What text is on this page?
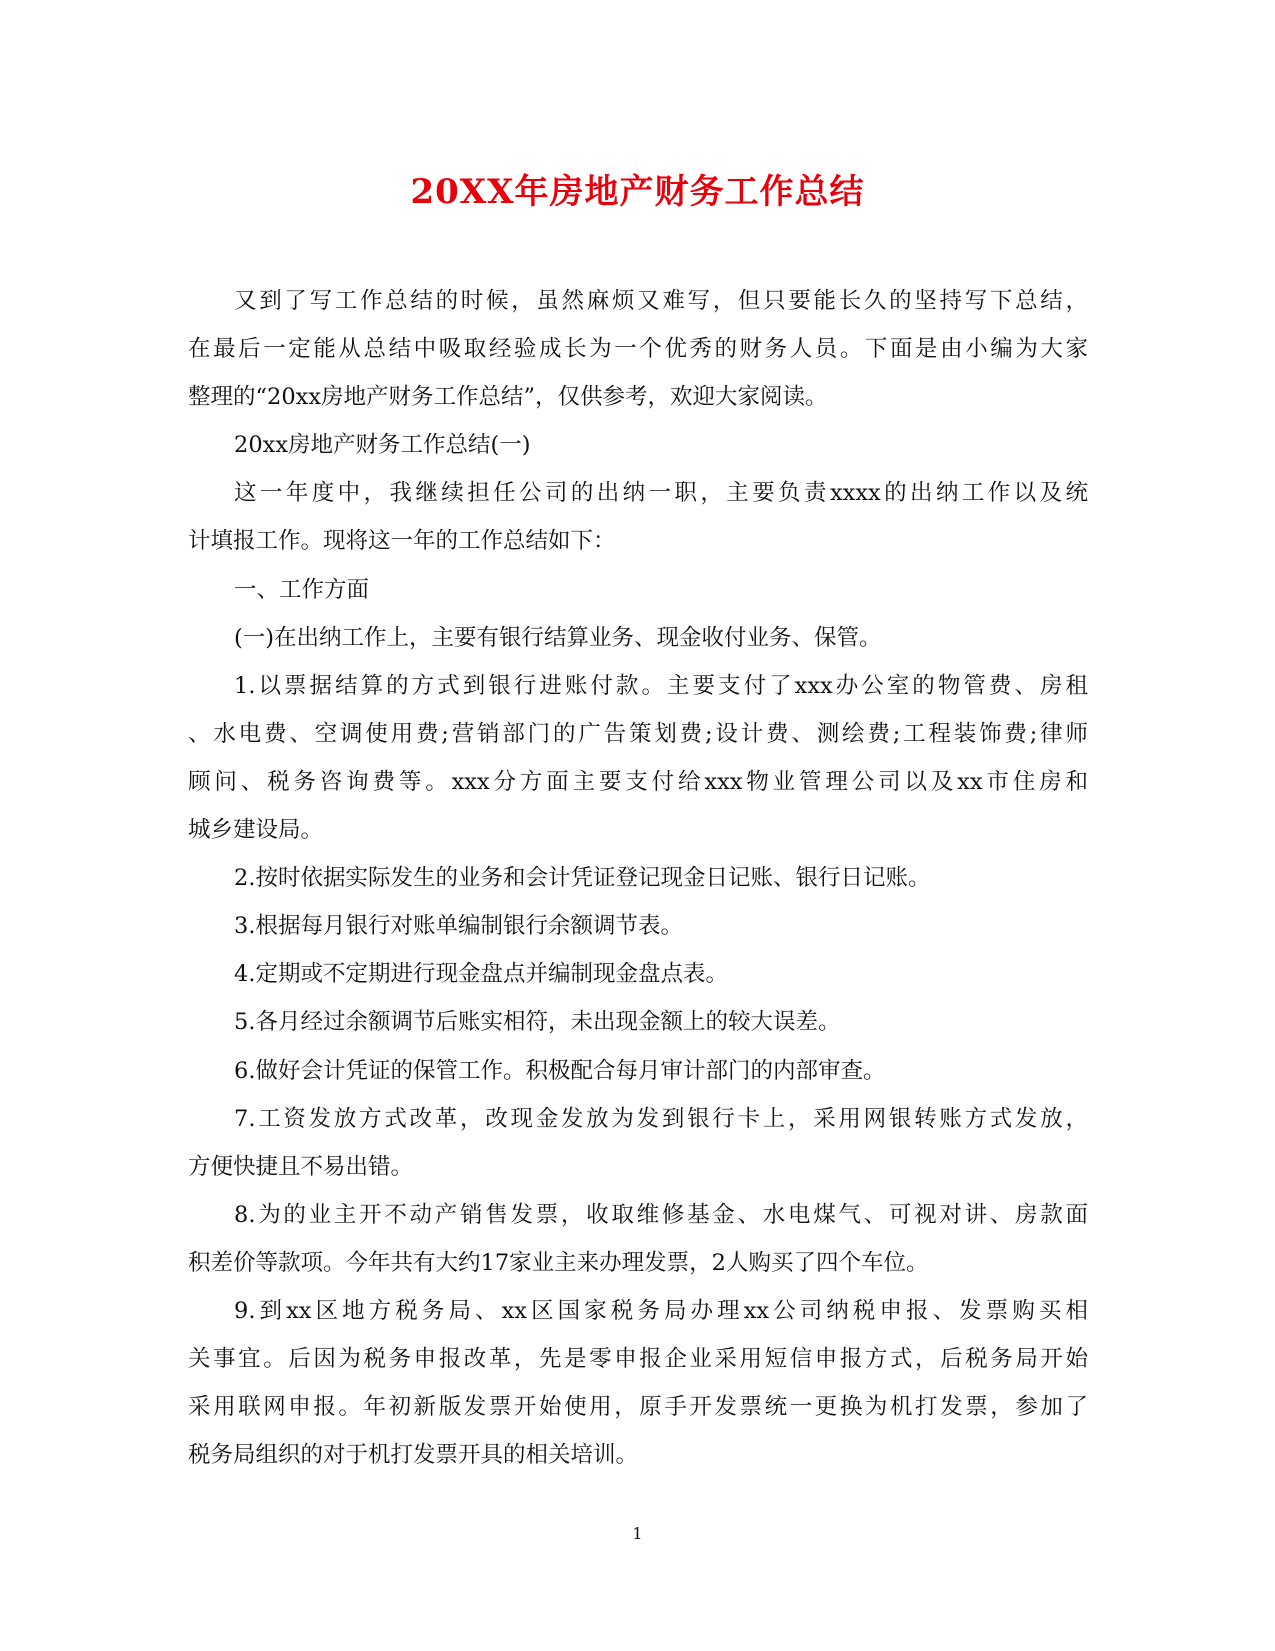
20XX年房地产财务工作总结
又到了写工作总结的时候，虽然麻烦又难写，但只要能长久的坚持写下总结，
在最后一定能从总结中吸取经验成长为一个优秀的财务人员。下面是由小编为大家
整理的“20xx房地产财务工作总结”，仅供参考，欢迎大家阅读。
20xx房地产财务工作总结(一)
这一年度中，我继续担任公司的出纳一职，主要负责xxxx的出纳工作以及统
计填报工作。现将这一年的工作总结如下：
一、工作方面
(一)在出纳工作上，主要有银行结算业务、现金收付业务、保管。
1.以票据结算的方式到银行进账付款。主要支付了xxx办公室的物管费、房租
、水电费、空调使用费;营销部门的广告策划费;设计费、测绘费;工程装饰费;律师
顾问、税务咨询费等。xxx分方面主要支付给xxx物业管理公司以及xx市住房和
城乡建设局。
2.按时依据实际发生的业务和会计凭证登记现金日记账、银行日记账。
3.根据每月银行对账单编制银行余额调节表。
4.定期或不定期进行现金盘点并编制现金盘点表。
5.各月经过余额调节后账实相符，未出现金额上的较大误差。
6.做好会计凭证的保管工作。积极配合每月审计部门的内部审查。
7.工资发放方式改革，改现金发放为发到银行卡上，采用网银转账方式发放，
方便快捷且不易出错。
8.为的业主开不动产销售发票，收取维修基金、水电煤气、可视对讲、房款面
积差价等款项。今年共有大约17家业主来办理发票，2人购买了四个车位。
9.到xx区地方税务局、xx区国家税务局办理xx公司纳税申报、发票购买相
关事宜。后因为税务申报改革，先是零申报企业采用短信申报方式，后税务局开始
采用联网申报。年初新版发票开始使用，原手开发票统一更换为机打发票，参加了
税务局组织的对于机打发票开具的相关培训。
1
